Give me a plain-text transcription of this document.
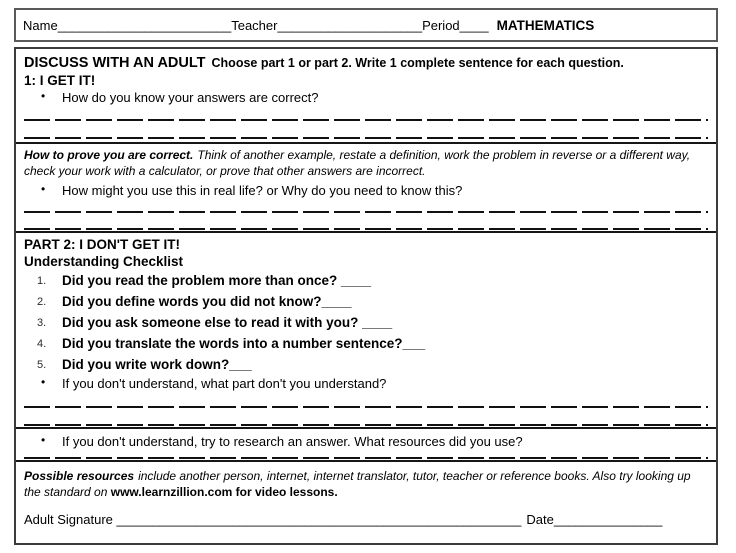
Name ________________________ Teacher ____________________ Period ____ MATHEMATICS
DISCUSS WITH AN ADULT Choose part 1 or part 2. Write 1 complete sentence for each question.
1: I GET IT!
• How do you know your answers are correct?
How to prove you are correct. Think of another example, restate a definition, work the problem in reverse or a different way, check your work with a calculator, or prove that other answers are incorrect.
• How might you use this in real life? or Why do you need to know this?
PART 2: I DON'T GET IT!
Understanding Checklist
1. Did you read the problem more than once? ____
2. Did you define words you did not know?____
3. Did you ask someone else to read it with you? ____
4. Did you translate the words into a number sentence?___
5. Did you write work down?___
• If you don't understand, what part don't you understand?
• If you don't understand, try to research an answer. What resources did you use?
Possible resources include another person, internet, internet translator, tutor, teacher or reference books. Also try looking up the standard on www.learnzillion.com for video lessons.
Adult Signature ________________________________________________________ Date_______________
